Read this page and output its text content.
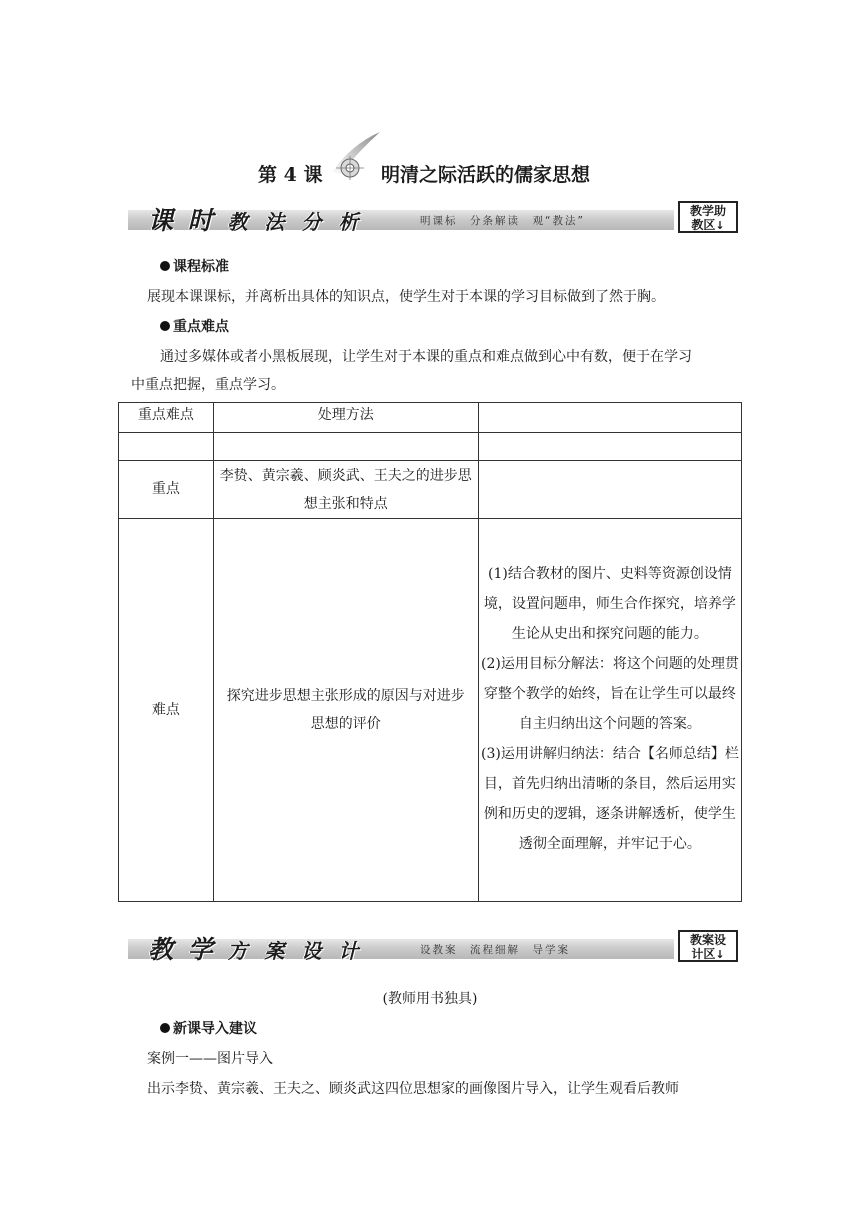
第 4 课	明清之际活跃的儒家思想
课 时 教 法 分 析	明课标　分条解读　观“教法”
教学助
教区↓
课程标准
展现本课课标，并离析出具体的知识点，使学生对于本课的学习目标做到了然于胸。
重点难点
通过多媒体或者小黑板展现，让学生对于本课的重点和难点做到心中有数，便于在学习
中重点把握，重点学习。
重点难点	处理方法	

重点	李贽、黄宗羲、顾炎武、王夫之的进步思想主张和特点	
难点	探究进步思想主张形成的原因与对进步思想的评价	(1)结合教材的图片、史料等资源创设情境，设置问题串，师生合作探究，培养学生论从史出和探究问题的能力。

(2)运用目标分解法：将这个问题的处理贯穿整个教学的始终，旨在让学生可以最终自主归纳出这个问题的答案。

(3)运用讲解归纳法：结合【名师总结】栏目，首先归纳出清晰的条目，然后运用实例和历史的逻辑，逐条讲解透析，使学生透彻全面理解，并牢记于心。

教 学 方 案 设 计	设教案　流程细解　导学案
教案设
计区↓
(教师用书独具)
新课导入建议
案例一——图片导入
出示李贽、黄宗羲、王夫之、顾炎武这四位思想家的画像图片导入，让学生观看后教师
